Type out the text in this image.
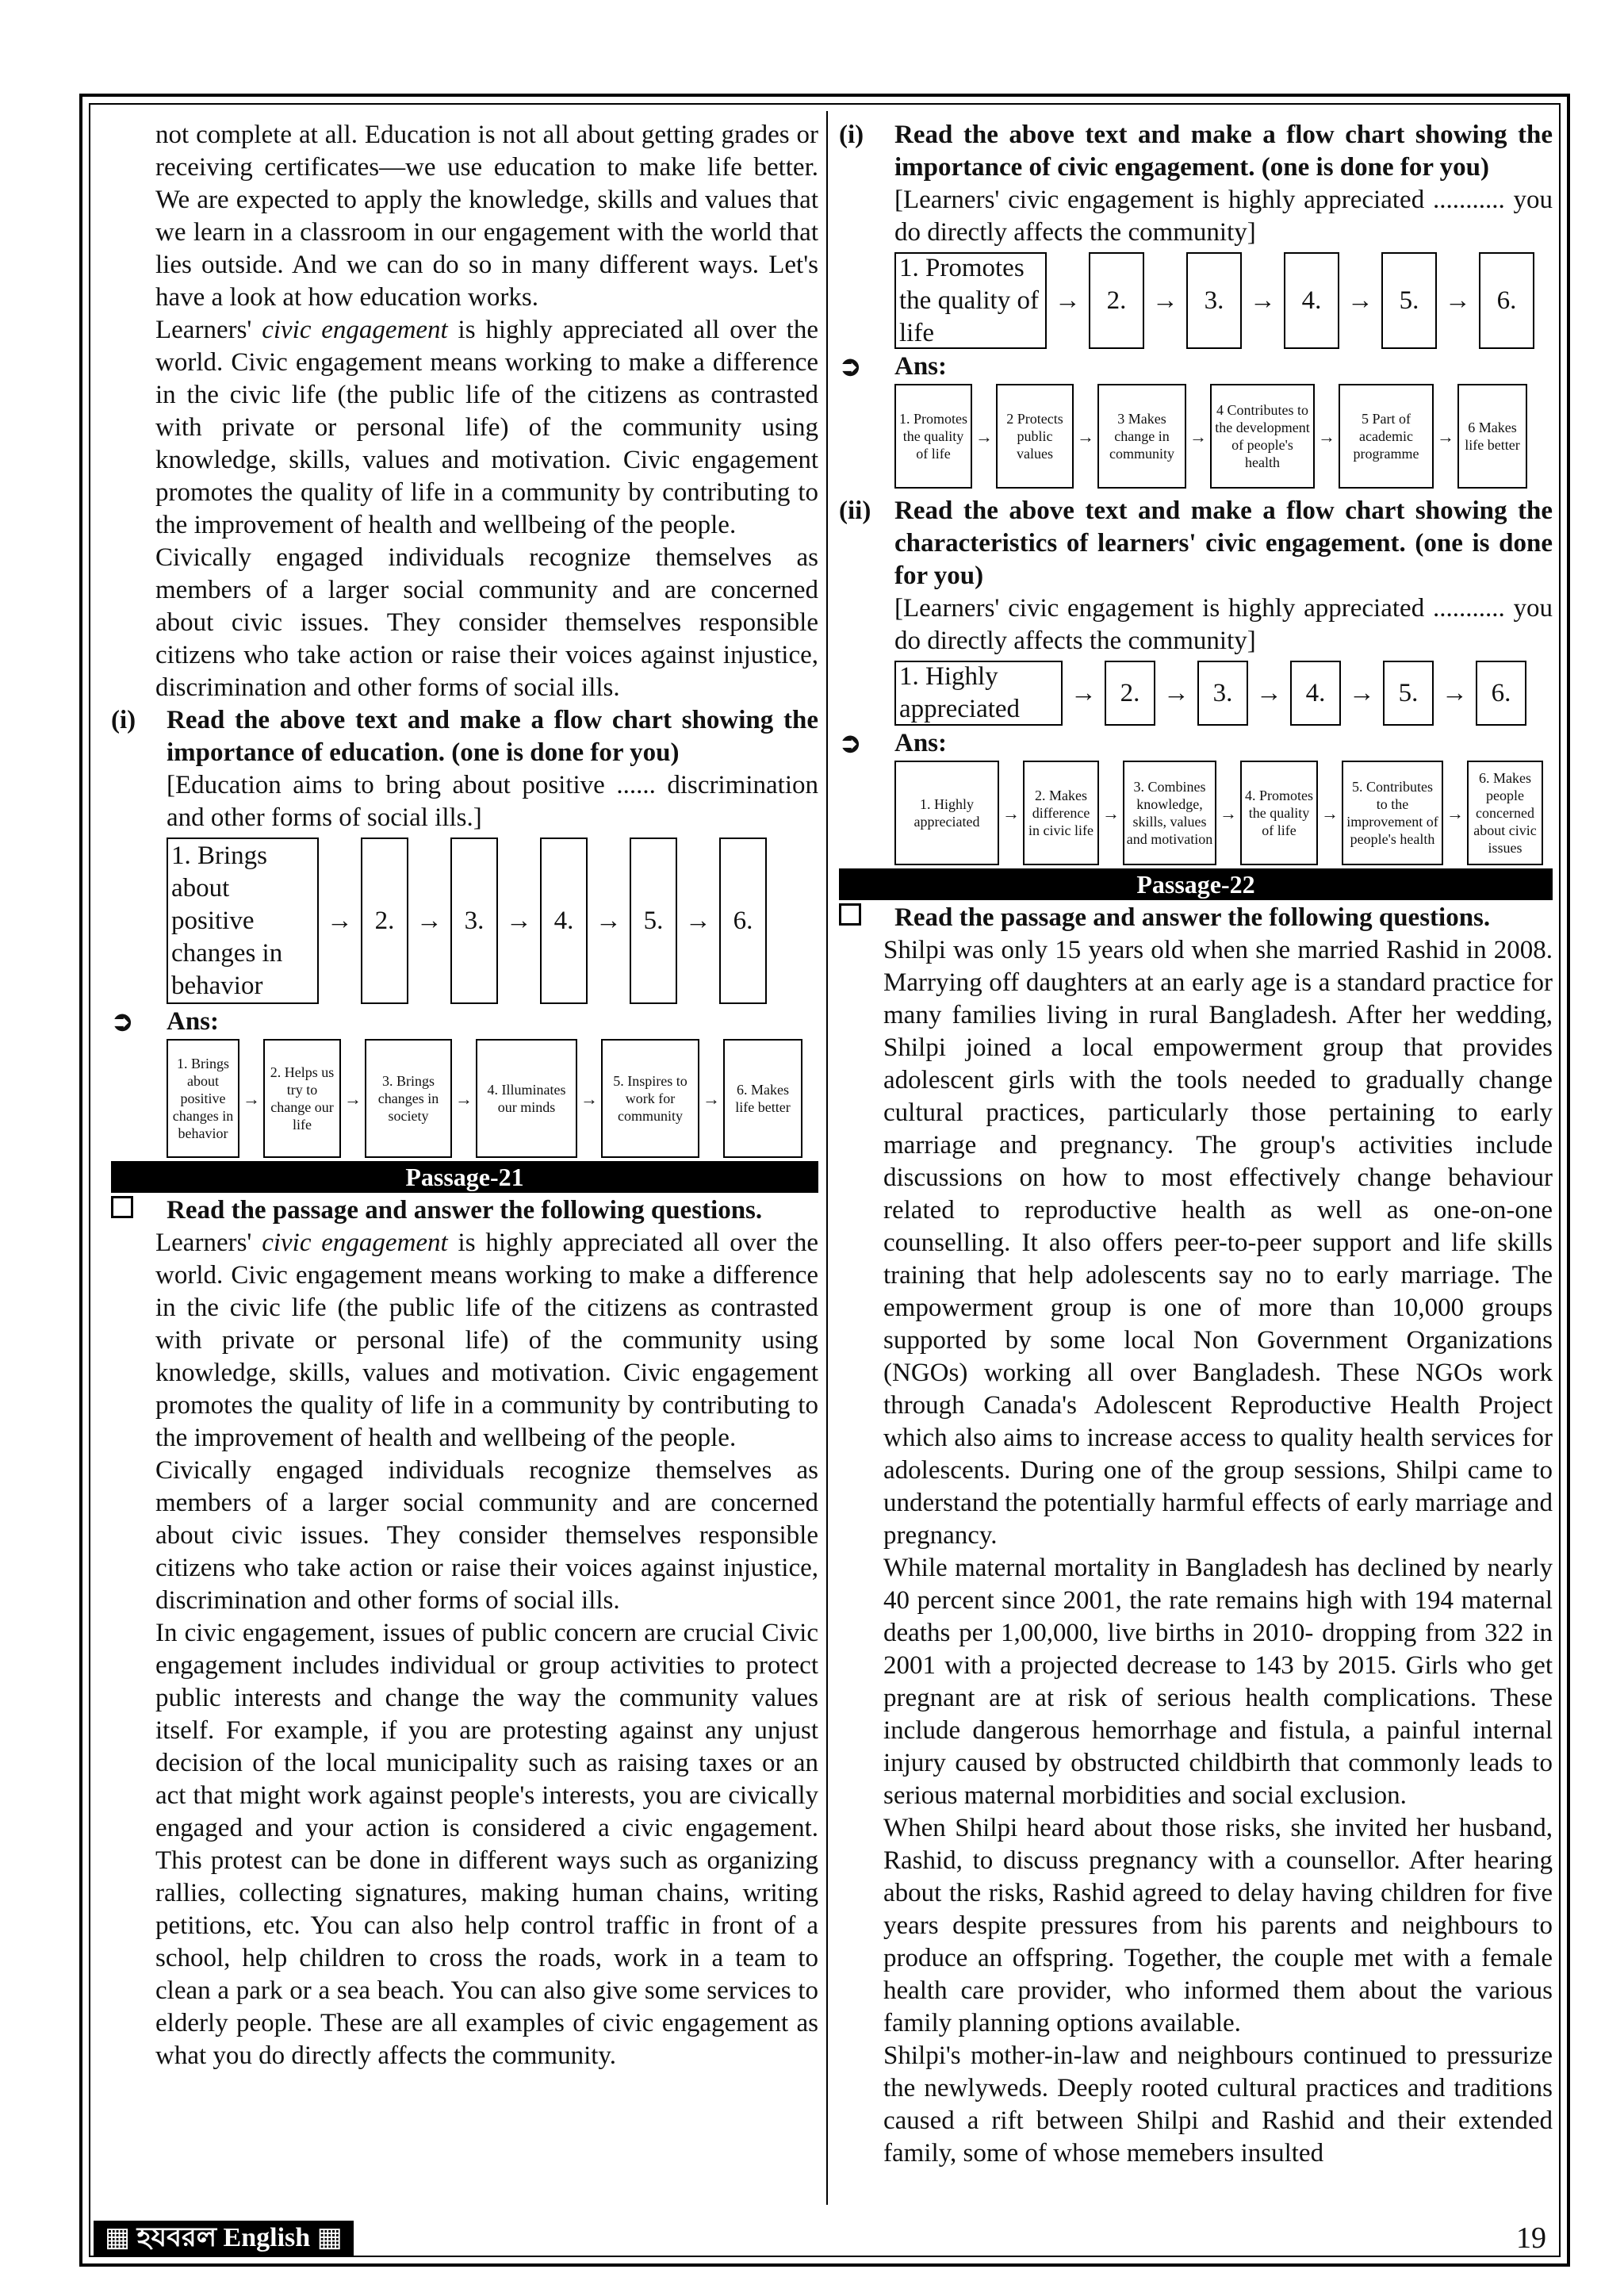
not complete at all. Education is not all about getting grades or receiving certificates—we use education to make life better. We are expected to apply the knowledge, skills and values that we learn in a classroom in our engagement with the world that lies outside. And we can do so in many different ways. Let's have a look at how education works.

Learners' civic engagement is highly appreciated all over the world. Civic engagement means working to make a difference in the civic life (the public life of the citizens as contrasted with private or personal life) of the community using knowledge, skills, values and motivation. Civic engagement promotes the quality of life in a community by contributing to the improvement of health and wellbeing of the people.

Civically engaged individuals recognize themselves as members of a larger social community and are concerned about civic issues. They consider themselves responsible citizens who take action or raise their voices against injustice, discrimination and other forms of social ills.

(i)	Read the above text and make a flow chart showing the importance of education. (one is done for you)

[Education aims to bring about positive ...... discrimination and other forms of social ills.]

1. Brings about positive changes in behavior
→ 2. → 3. → 4. → 5. → 6.
➲	Ans:
1. Brings about positive changes in behavior
→
2. Helps us try to change our life
→
3. Brings changes in society
→	4. Illuminates our minds	→
5. Inspires to work for community
→	6. Makes life better
Passage-21
Read the passage and answer the following questions.

Learners' civic engagement is highly appreciated all over the world. Civic engagement means working to make a difference in the civic life (the public life of the citizens as contrasted with private or personal life) of the community using knowledge, skills, values and motivation. Civic engagement promotes the quality of life in a community by contributing to the improvement of health and wellbeing of the people.

Civically engaged individuals recognize themselves as members of a larger social community and are concerned about civic issues. They consider themselves responsible citizens who take action or raise their voices against injustice, discrimination and other forms of social ills.

In civic engagement, issues of public concern are crucial Civic engagement includes individual or group activities to protect public interests and change the way the community values itself. For example, if you are protesting against any unjust decision of the local municipality such as raising taxes or an act that might work against people's interests, you are civically engaged and your action is considered a civic engagement. This protest can be done in different ways such as organizing rallies, collecting signatures, making human chains, writing petitions, etc. You can also help control traffic in front of a school, help children to cross the roads, work in a team to clean a park or a sea beach. You can also give some services to elderly people. These are all examples of civic engagement as what you do directly affects the community.

(i)	Read the above text and make a flow chart showing the importance of civic engagement. (one is done for you)

[Learners' civic engagement is highly appreciated ........... you do directly affects the community]

1. Promotes the quality of life
→ 2. → 3. → 4. → 5. → 6.
➲	Ans:
1. Promotes the quality of life
→
2 Protects public values
→
3 Makes change in community
→
4 Contributes to the development of people's health
→
5 Part of academic programme
→ 6 Makes life better
(ii) Read the above text and make a flow chart showing the characteristics of learners' civic engagement. (one is done for you)

[Learners' civic engagement is highly appreciated ........... you do directly affects the community]

1. Highly appreciated
→ 2. → 3. → 4. → 5. → 6.
➲	Ans:
1. Highly appreciated	→
2. Makes difference in civic life
→
3. Combines knowledge, skills, values and motivation
→
4. Promotes the quality of life
→
5. Contributes to the improvement of people's health
→
6. Makes people concerned about civic issues
Passage-22
Read the passage and answer the following questions.

Shilpi was only 15 years old when she married Rashid in 2008. Marrying off daughters at an early age is a standard practice for many families living in rural Bangladesh. After her wedding, Shilpi joined a local empowerment group that provides adolescent girls with the tools needed to gradually change cultural practices, particularly those pertaining to early marriage and pregnancy. The group's activities include discussions on how to most effectively change behaviour related to reproductive health as well as one-on-one counselling. It also offers peer-to-peer support and life skills training that help adolescents say no to early marriage. The empowerment group is one of more than 10,000 groups supported by some local Non Government Organizations (NGOs) working all over Bangladesh. These NGOs work through Canada's Adolescent Reproductive Health Project which also aims to increase access to quality health services for adolescents. During one of the group sessions, Shilpi came to understand the potentially harmful effects of early marriage and pregnancy.

While maternal mortality in Bangladesh has declined by nearly 40 percent since 2001, the rate remains high with 194 maternal deaths per 1,00,000, live births in 2010- dropping from 322 in 2001 with a projected decrease to 143 by 2015. Girls who get pregnant are at risk of serious health complications. These include dangerous hemorrhage and fistula, a painful internal injury caused by obstructed childbirth that commonly leads to serious maternal morbidities and social exclusion.

When Shilpi heard about those risks, she invited her husband, Rashid, to discuss pregnancy with a counsellor. After hearing about the risks, Rashid agreed to delay having children for five years despite pressures from his parents and neighbours to produce an offspring. Together, the couple met with a female health care provider, who informed them about the various family planning options available.

Shilpi's mother-in-law and neighbours continued to pressurize the newlyweds. Deeply rooted cultural practices and traditions caused a rift between Shilpi and Rashid and their extended family, some of whose memebers insulted

▦ হযবরল English ▦	19
